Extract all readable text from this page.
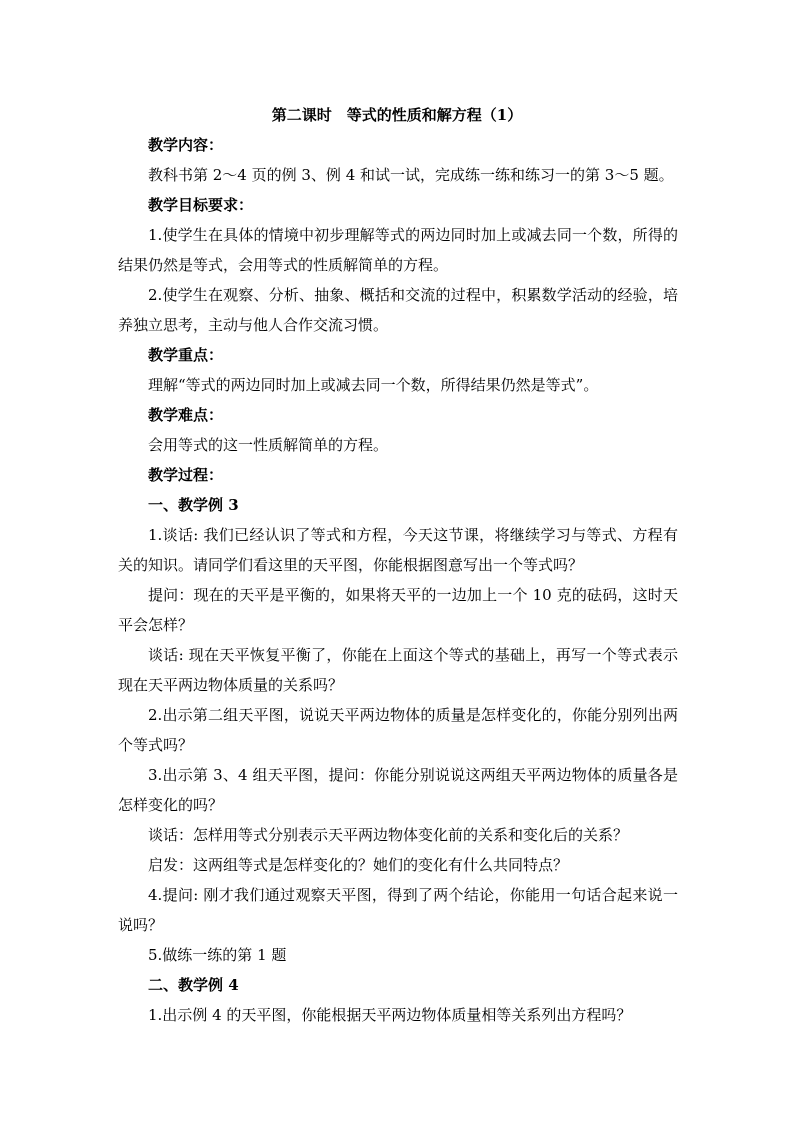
第二课时　等式的性质和解方程（1）

教学内容：

教科书第 2～4 页的例 3、例 4 和试一试，完成练一练和练习一的第 3～5 题。

教学目标要求：

1.使学生在具体的情境中初步理解等式的两边同时加上或减去同一个数，所得的结果仍然是等式，会用等式的性质解简单的方程。

2.使学生在观察、分析、抽象、概括和交流的过程中，积累数学活动的经验，培养独立思考，主动与他人合作交流习惯。

教学重点：

理解“等式的两边同时加上或减去同一个数，所得结果仍然是等式”。

教学难点：

会用等式的这一性质解简单的方程。

教学过程：

一、教学例 3

1.谈话: 我们已经认识了等式和方程，今天这节课，将继续学习与等式、方程有关的知识。请同学们看这里的天平图，你能根据图意写出一个等式吗？

提问：现在的天平是平衡的，如果将天平的一边加上一个 10 克的砝码，这时天平会怎样？

谈话: 现在天平恢复平衡了，你能在上面这个等式的基础上，再写一个等式表示现在天平两边物体质量的关系吗？

2.出示第二组天平图，说说天平两边物体的质量是怎样变化的，你能分别列出两个等式吗？

3.出示第 3、4 组天平图，提问：你能分别说说这两组天平两边物体的质量各是怎样变化的吗？

谈话：怎样用等式分别表示天平两边物体变化前的关系和变化后的关系？

启发：这两组等式是怎样变化的？她们的变化有什么共同特点？

4.提问: 刚才我们通过观察天平图，得到了两个结论，你能用一句话合起来说一说吗？

5.做练一练的第 1 题

二、教学例 4

1.出示例 4 的天平图，你能根据天平两边物体质量相等关系列出方程吗？
